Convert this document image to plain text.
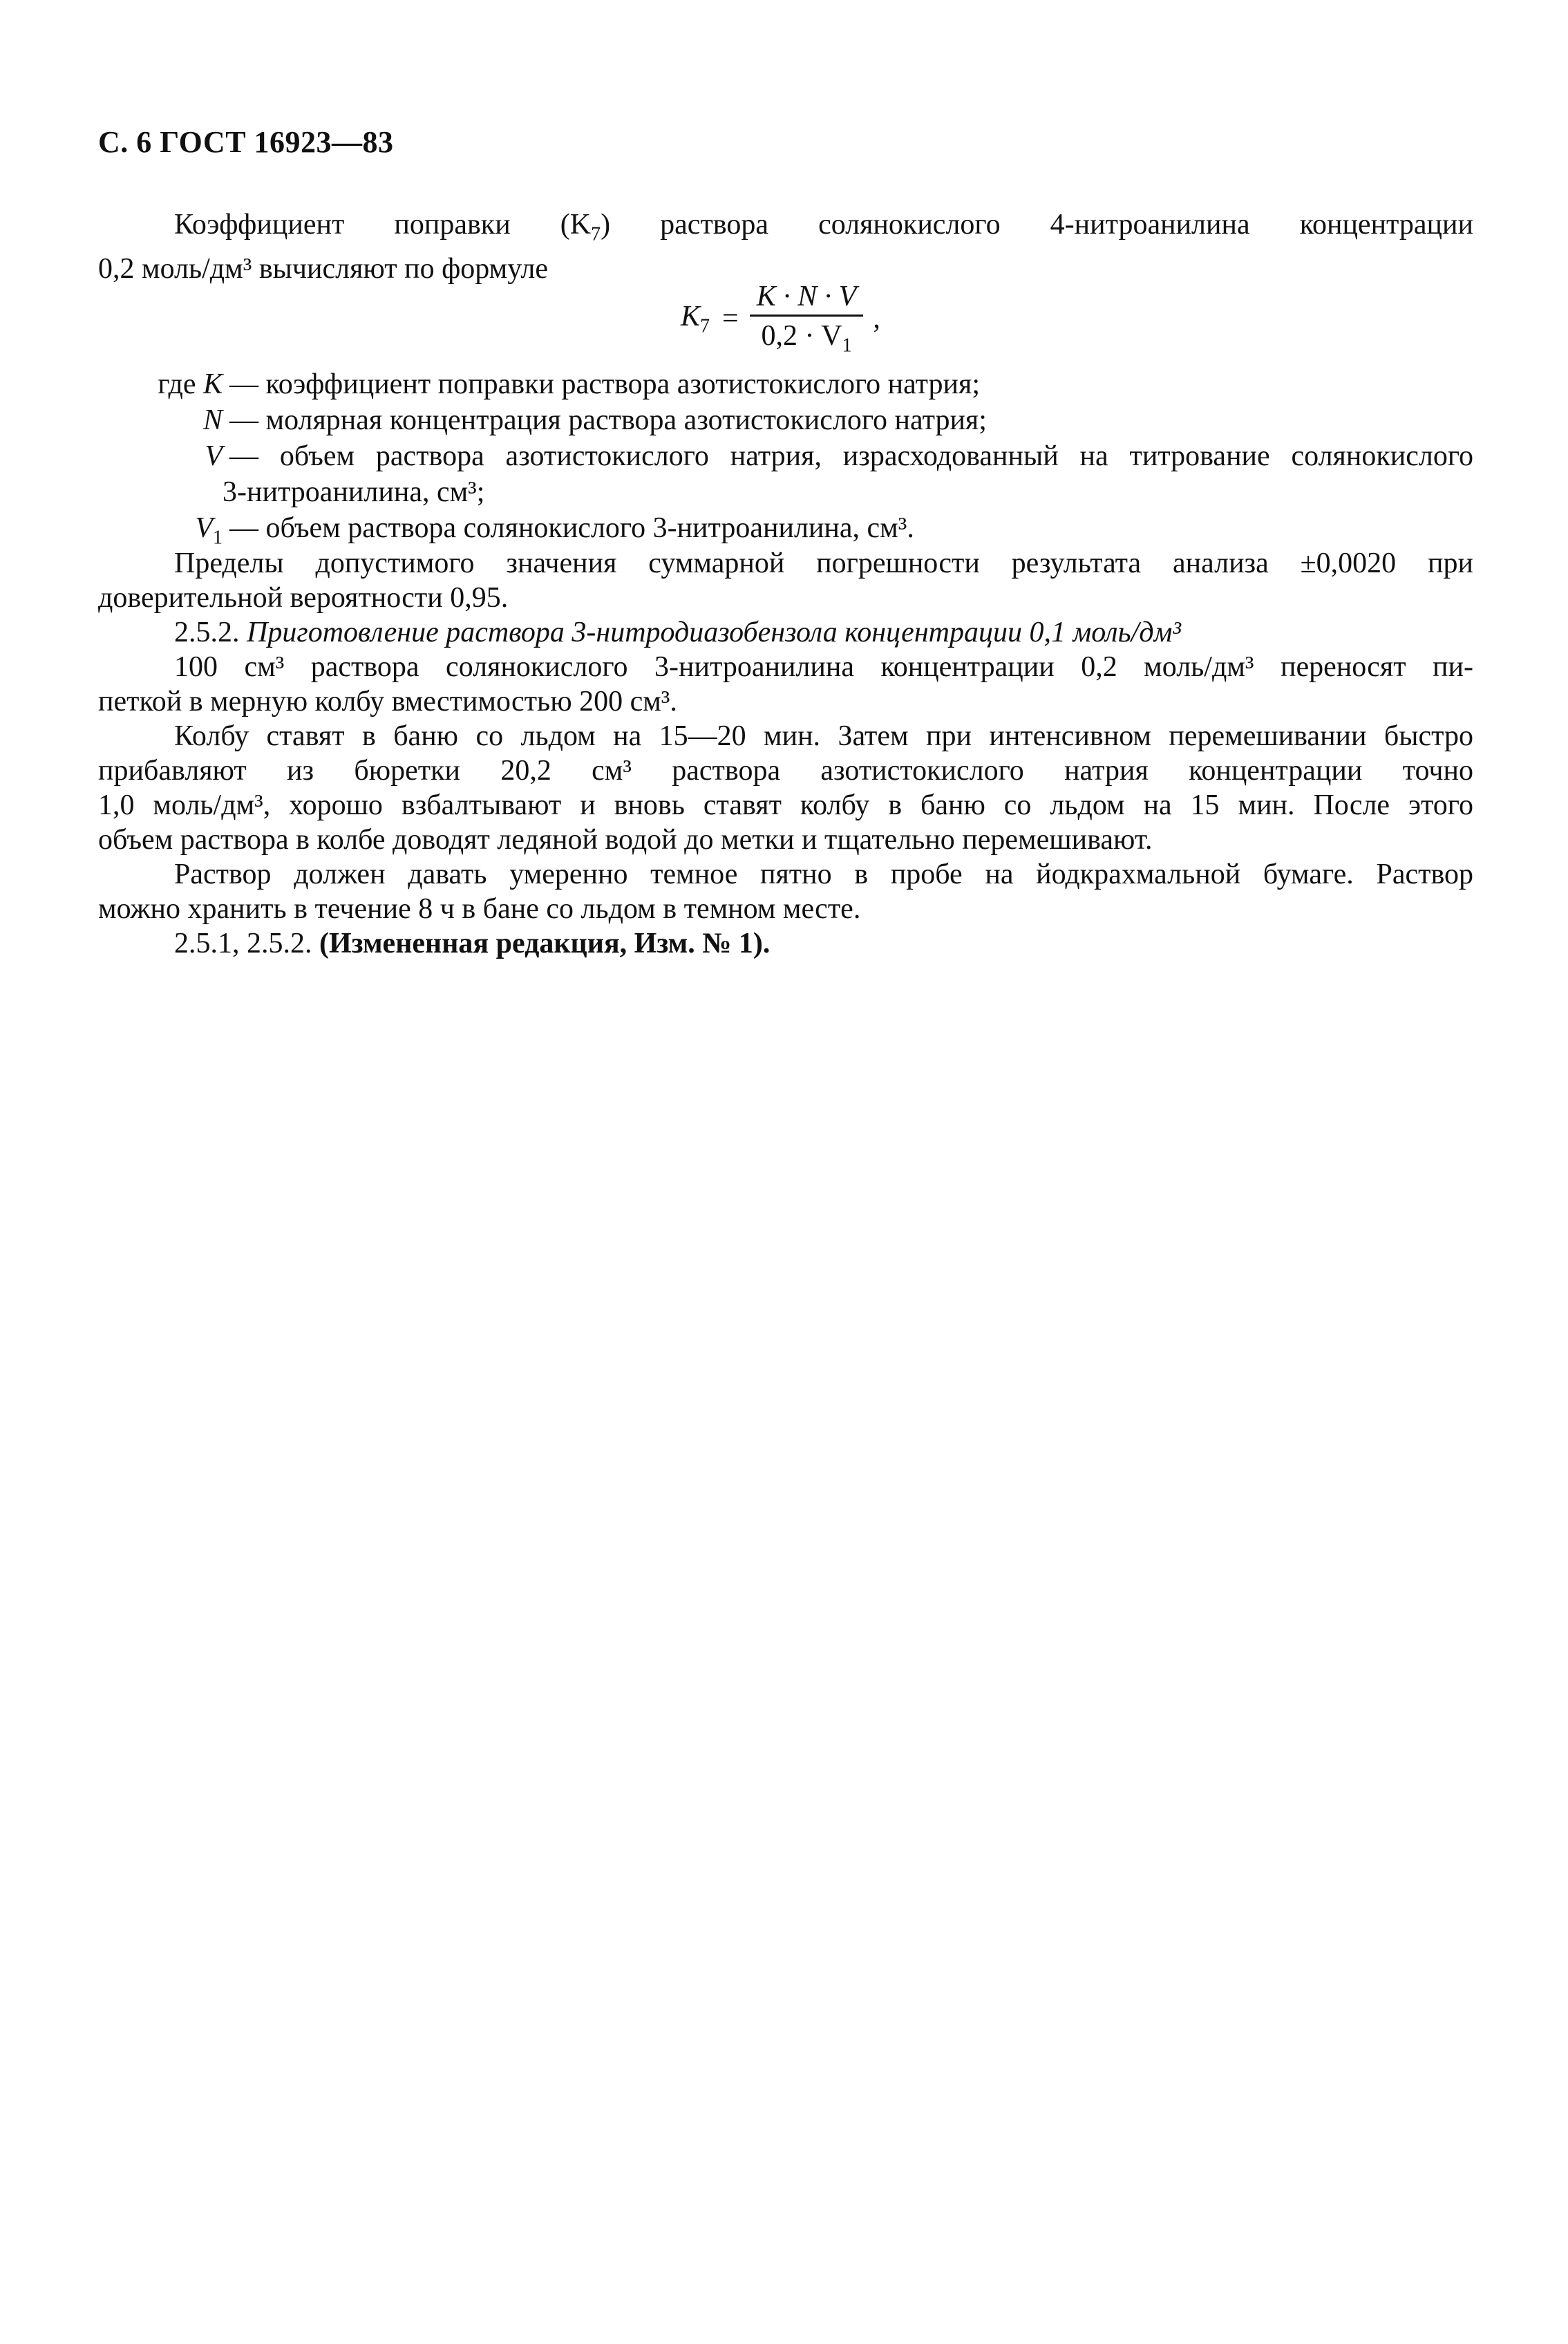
С. 6 ГОСТ 16923—83

Коэффициент поправки $(K_7)$ раствора солянокислого 4-нитроанилина концентрации

0,2 моль/дм³ вычисляют по формуле

$K_7 = \frac{K \cdot N \cdot V}{0,2 \cdot V_1}$ ,
где K — коэффициент поправки раствора азотистокислого натрия;
N — молярная концентрация раствора азотистокислого натрия;
V — объем раствора азотистокислого натрия, израсходованный на титрование солянокислого
3-нитроанилина, см³;
$V_1$ — объем раствора солянокислого 3-нитроанилина, см³.

Пределы допустимого значения суммарной погрешности результата анализа ±0,0020 при

доверительной вероятности 0,95.

2.5.2. Приготовление раствора 3-нитродиазобензола концентрации 0,1 моль/дм³

100 см³ раствора солянокислого 3-нитроанилина концентрации 0,2 моль/дм³ переносят пи-

петкой в мерную колбу вместимостью 200 см³.

Колбу ставят в баню со льдом на 15—20 мин. Затем при интенсивном перемешивании быстро

прибавляют из бюретки 20,2 см³ раствора азотистокислого натрия концентрации точно

1,0 моль/дм³, хорошо взбалтывают и вновь ставят колбу в баню со льдом на 15 мин. После этого

объем раствора в колбе доводят ледяной водой до метки и тщательно перемешивают.

Раствор должен давать умеренно темное пятно в пробе на йодкрахмальной бумаге. Раствор

можно хранить в течение 8 ч в бане со льдом в темном месте.

2.5.1, 2.5.2. (Измененная редакция, Изм. № 1).
